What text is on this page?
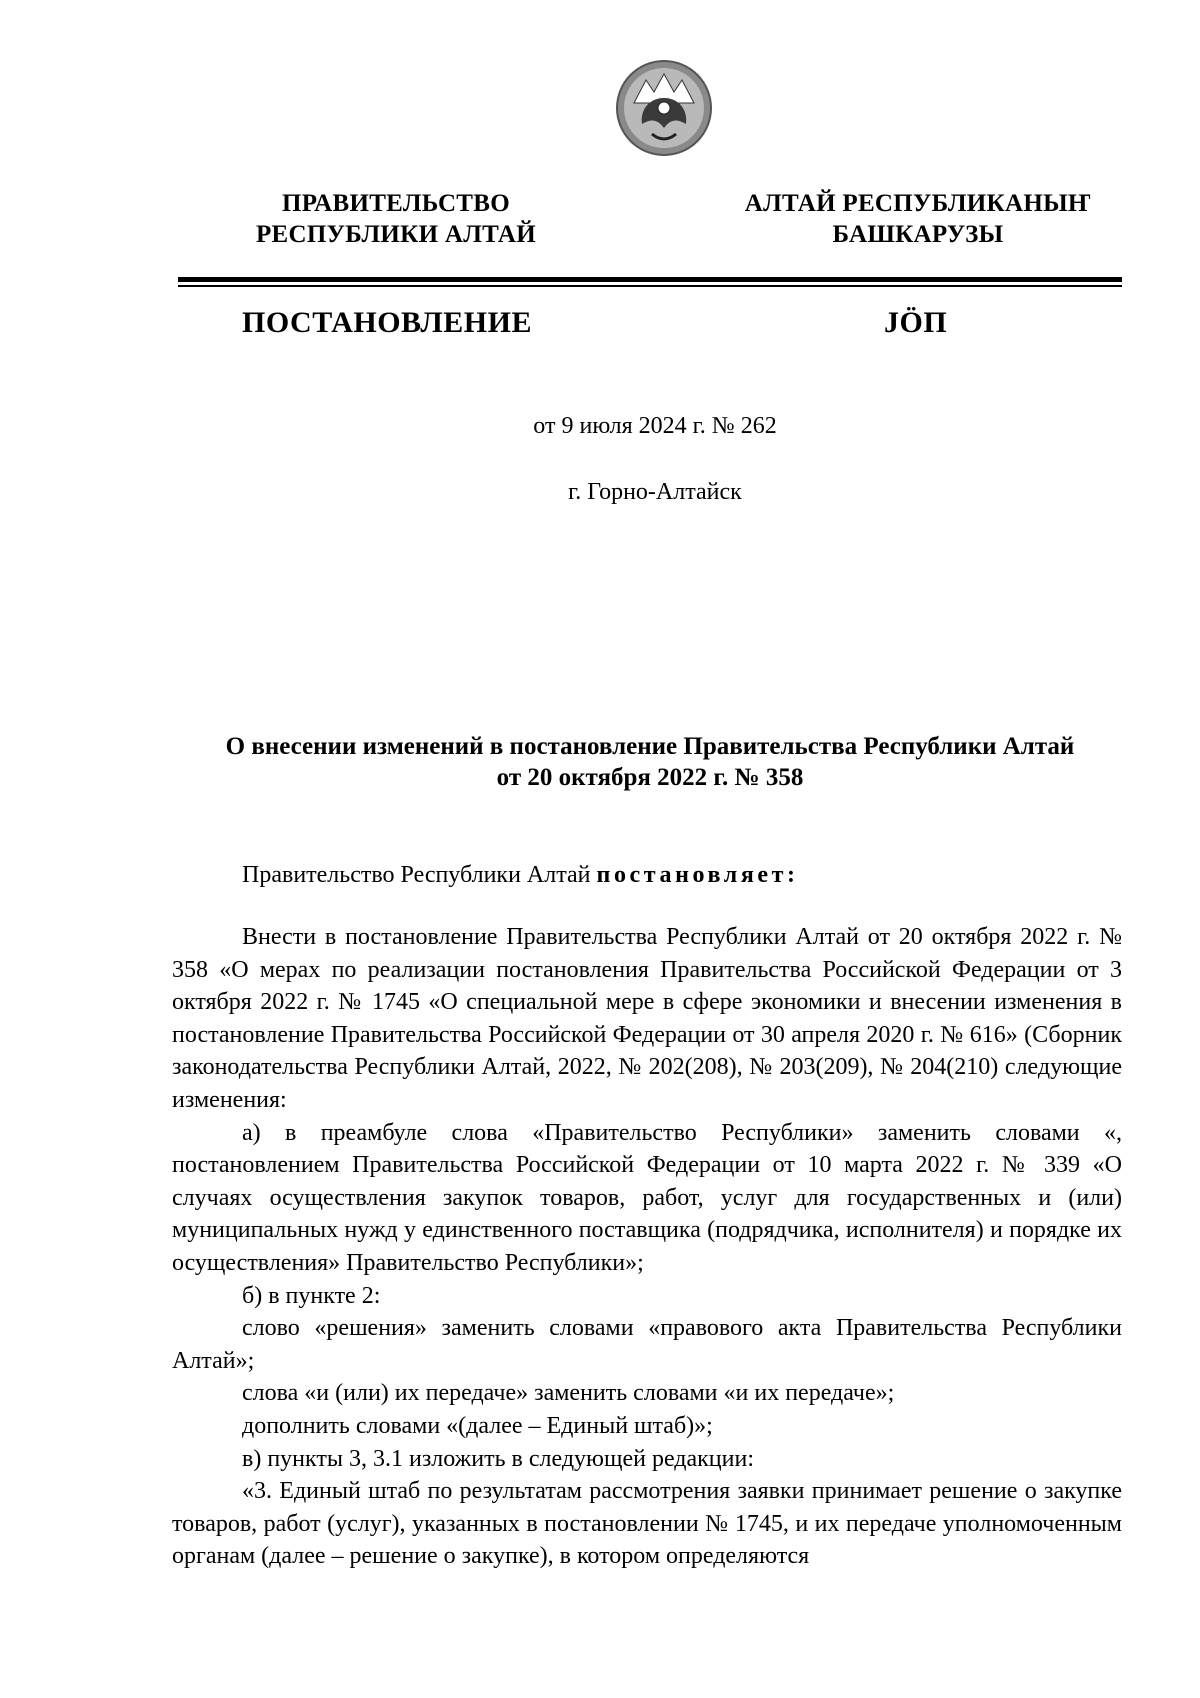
ПРАВИТЕЛЬСТВО
РЕСПУБЛИКИ АЛТАЙ
АЛТАЙ РЕСПУБЛИКАНЫҤ
БАШКАРУЗЫ
ПОСТАНОВЛЕНИЕ	JÖП
от 9 июля 2024 г. № 262
г. Горно-Алтайск
О внесении изменений в постановление Правительства Республики Алтай
от 20 октября 2022 г. № 358
Правительство Республики Алтай постановляет:

Внести в постановление Правительства Республики Алтай от 20 октября 2022 г. № 358 «О мерах по реализации постановления Правительства Российской Федерации от 3 октября 2022 г. № 1745 «О специальной мере в сфере экономики и внесении изменения в постановление Правительства Российской Федерации от 30 апреля 2020 г. № 616» (Сборник законодательства Республики Алтай, 2022, № 202(208), № 203(209), № 204(210) следующие изменения:

а) в преамбуле слова «Правительство Республики» заменить словами «, постановлением Правительства Российской Федерации от 10 марта 2022 г. № 339 «О случаях осуществления закупок товаров, работ, услуг для государственных и (или) муниципальных нужд у единственного поставщика (подрядчика, исполнителя) и порядке их осуществления» Правительство Республики»;

б) в пункте 2:

слово «решения» заменить словами «правового акта Правительства Республики Алтай»;

слова «и (или) их передаче» заменить словами «и их передаче»;

дополнить словами «(далее – Единый штаб)»;

в) пункты 3, 3.1 изложить в следующей редакции:

«3. Единый штаб по результатам рассмотрения заявки принимает решение о закупке товаров, работ (услуг), указанных в постановлении № 1745, и их передаче уполномоченным органам (далее – решение о закупке), в котором определяются
